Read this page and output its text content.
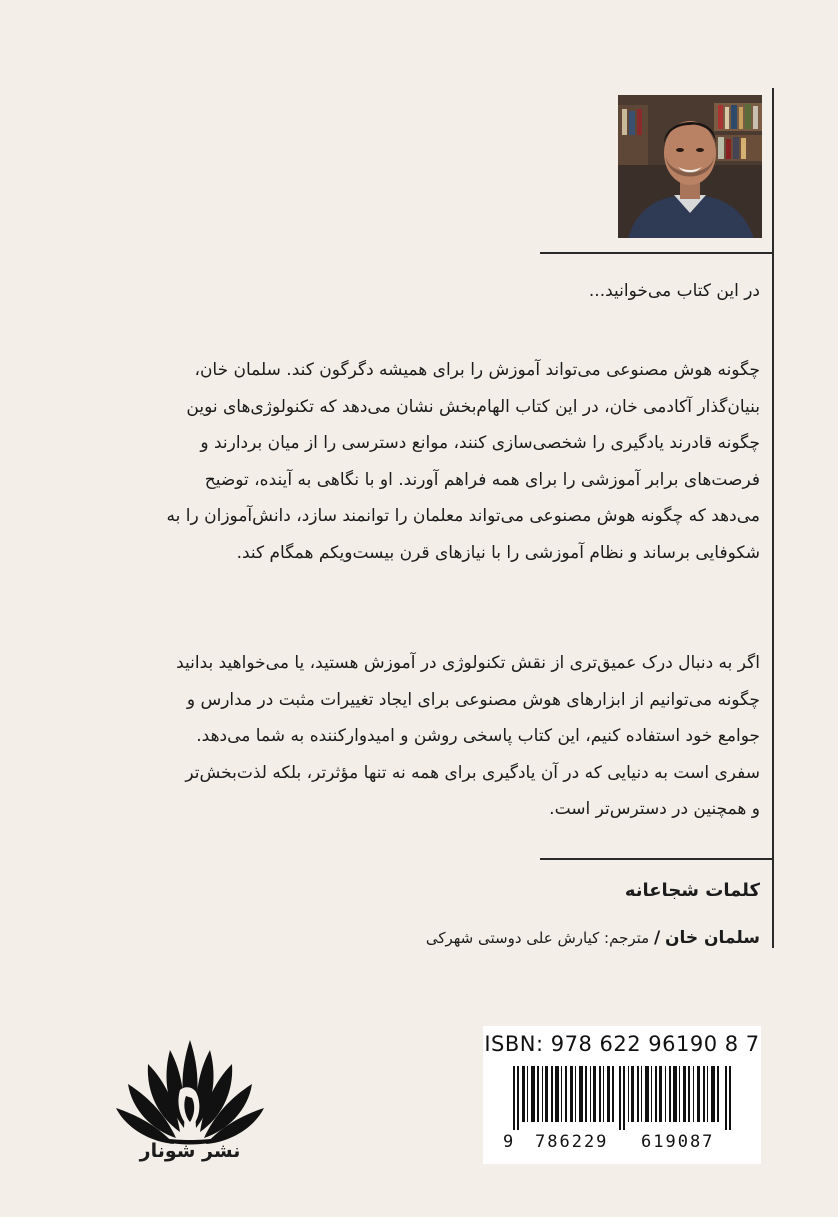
در این کتاب می‌خوانید...

چگونه هوش مصنوعی می‌تواند آموزش را برای همیشه دگرگون کند. سلمان خان،

بنیان‌گذار آکادمی خان، در این کتاب الهام‌بخش نشان می‌دهد که تکنولوژی‌های نوین

چگونه قادرند یادگیری را شخصی‌سازی کنند، موانع دسترسی را از میان بردارند و

فرصت‌های برابر آموزشی را برای همه فراهم آورند. او با نگاهی به آینده، توضیح

می‌دهد که چگونه هوش مصنوعی می‌تواند معلمان را توانمند سازد، دانش‌آموزان را به

شکوفایی برساند و نظام آموزشی را با نیازهای قرن بیست‌ویکم همگام کند.

اگر به دنبال درک عمیق‌تری از نقش تکنولوژی در آموزش هستید، یا می‌خواهید بدانید

چگونه می‌توانیم از ابزارهای هوش مصنوعی برای ایجاد تغییرات مثبت در مدارس و

جوامع خود استفاده کنیم، این کتاب پاسخی روشن و امیدوارکننده به شما می‌دهد.

سفری است به دنیایی که در آن یادگیری برای همه نه تنها مؤثرتر، بلکه لذت‌بخش‌تر

و همچنین در دسترس‌تر است.

کلمات شجاعانه
سلمان خان / مترجم: کیارش علی دوستی شهرکی
ISBN: 978 622 96190 8 7
9 786229 619087
نشر شونار
